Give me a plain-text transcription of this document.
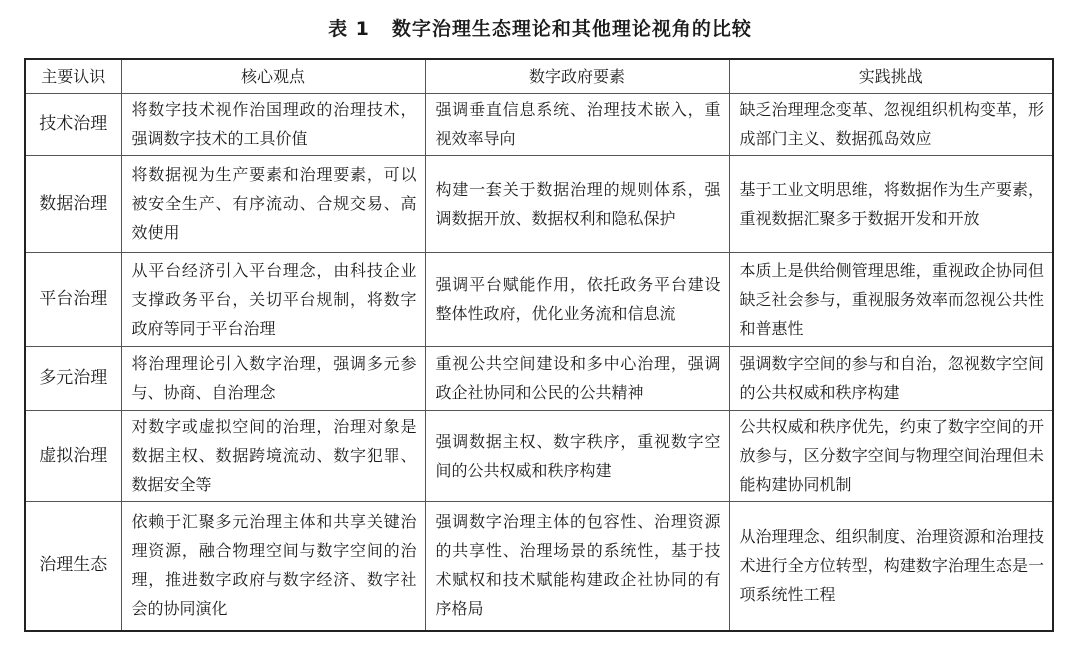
表 1 数字治理生态理论和其他理论视角的比较
主要认识	核心观点	数字政府要素	实践挑战
技术治理	将数字技术视作治国理政的治理技术，强调数字技术的工具价值	强调垂直信息系统、治理技术嵌入，重视效率导向	缺乏治理理念变革、忽视组织机构变革，形成部门主义、数据孤岛效应
数据治理	将数据视为生产要素和治理要素，可以被安全生产、有序流动、合规交易、高效使用	构建一套关于数据治理的规则体系，强调数据开放、数据权利和隐私保护	基于工业文明思维，将数据作为生产要素，重视数据汇聚多于数据开发和开放
平台治理	从平台经济引入平台理念，由科技企业支撑政务平台，关切平台规制，将数字政府等同于平台治理	强调平台赋能作用，依托政务平台建设整体性政府，优化业务流和信息流	本质上是供给侧管理思维，重视政企协同但缺乏社会参与，重视服务效率而忽视公共性和普惠性
多元治理	将治理理论引入数字治理，强调多元参与、协商、自治理念	重视公共空间建设和多中心治理，强调政企社协同和公民的公共精神	强调数字空间的参与和自治，忽视数字空间的公共权威和秩序构建
虚拟治理	对数字或虚拟空间的治理，治理对象是数据主权、数据跨境流动、数字犯罪、数据安全等	强调数据主权、数字秩序，重视数字空间的公共权威和秩序构建	公共权威和秩序优先，约束了数字空间的开放参与，区分数字空间与物理空间治理但未能构建协同机制
治理生态	依赖于汇聚多元治理主体和共享关键治理资源，融合物理空间与数字空间的治理，推进数字政府与数字经济、数字社会的协同演化	强调数字治理主体的包容性、治理资源的共享性、治理场景的系统性，基于技术赋权和技术赋能构建政企社协同的有序格局	从治理理念、组织制度、治理资源和治理技术进行全方位转型，构建数字治理生态是一项系统性工程
